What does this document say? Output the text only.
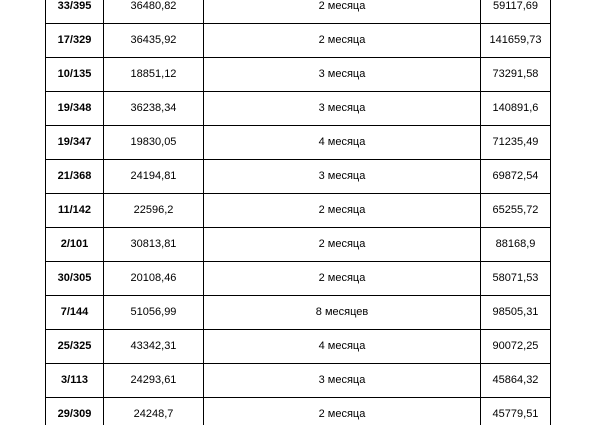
33/395	36480,82	2 месяца	59117,69
17/329	36435,92	2 месяца	141659,73
10/135	18851,12	3 месяца	73291,58
19/348	36238,34	3 месяца	140891,6
19/347	19830,05	4 месяца	71235,49
21/368	24194,81	3 месяца	69872,54
11/142	22596,2	2 месяца	65255,72
2/101	30813,81	2 месяца	88168,9
30/305	20108,46	2 месяца	58071,53
7/144	51056,99	8 месяцев	98505,31
25/325	43342,31	4 месяца	90072,25
3/113	24293,61	3 месяца	45864,32
29/309	24248,7	2 месяца	45779,51
